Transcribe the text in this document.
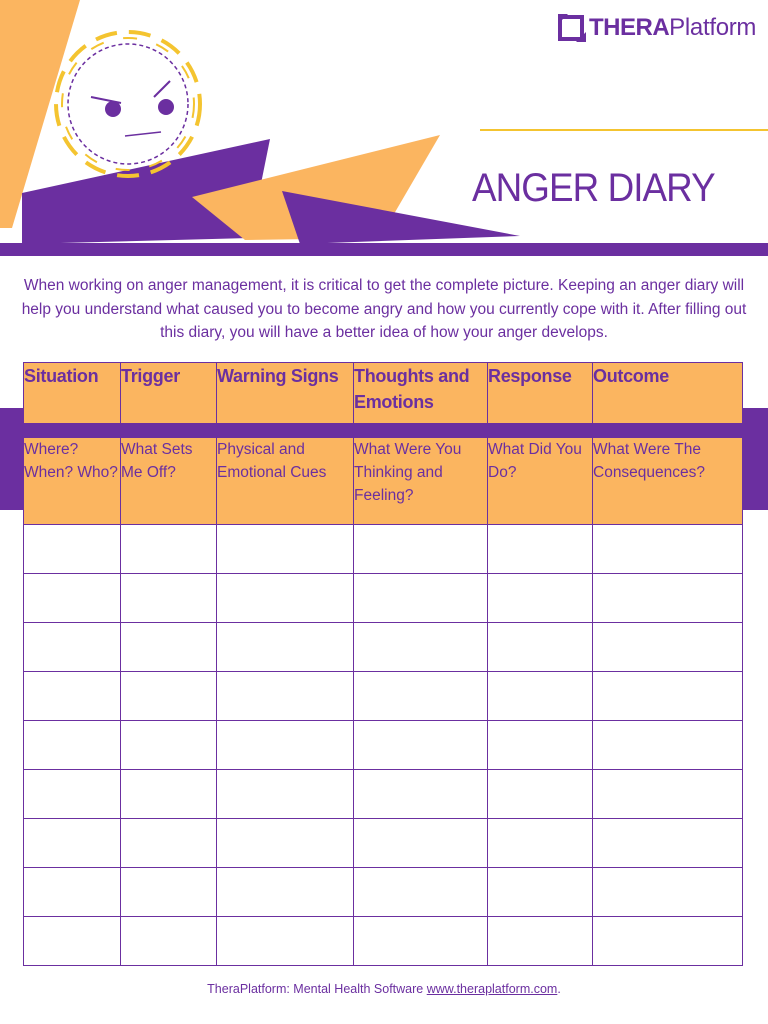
THERA Platform
ANGER DIARY

When working on anger management, it is critical to get the complete picture. Keeping an anger diary will help you understand what caused you to become angry and how you currently cope with it. After filling out this diary, you will have a better idea of how your anger develops.

Situation	Trigger	Warning Signs	Thoughts and Emotions	Response	Outcome

Where? When? Who?	What Sets Me Off?	Physical and Emotional Cues	What Were You Thinking and Feeling?	What Did You Do?	What Were The Consequences?

TheraPlatform: Mental Health Software www.theraplatform.com.
